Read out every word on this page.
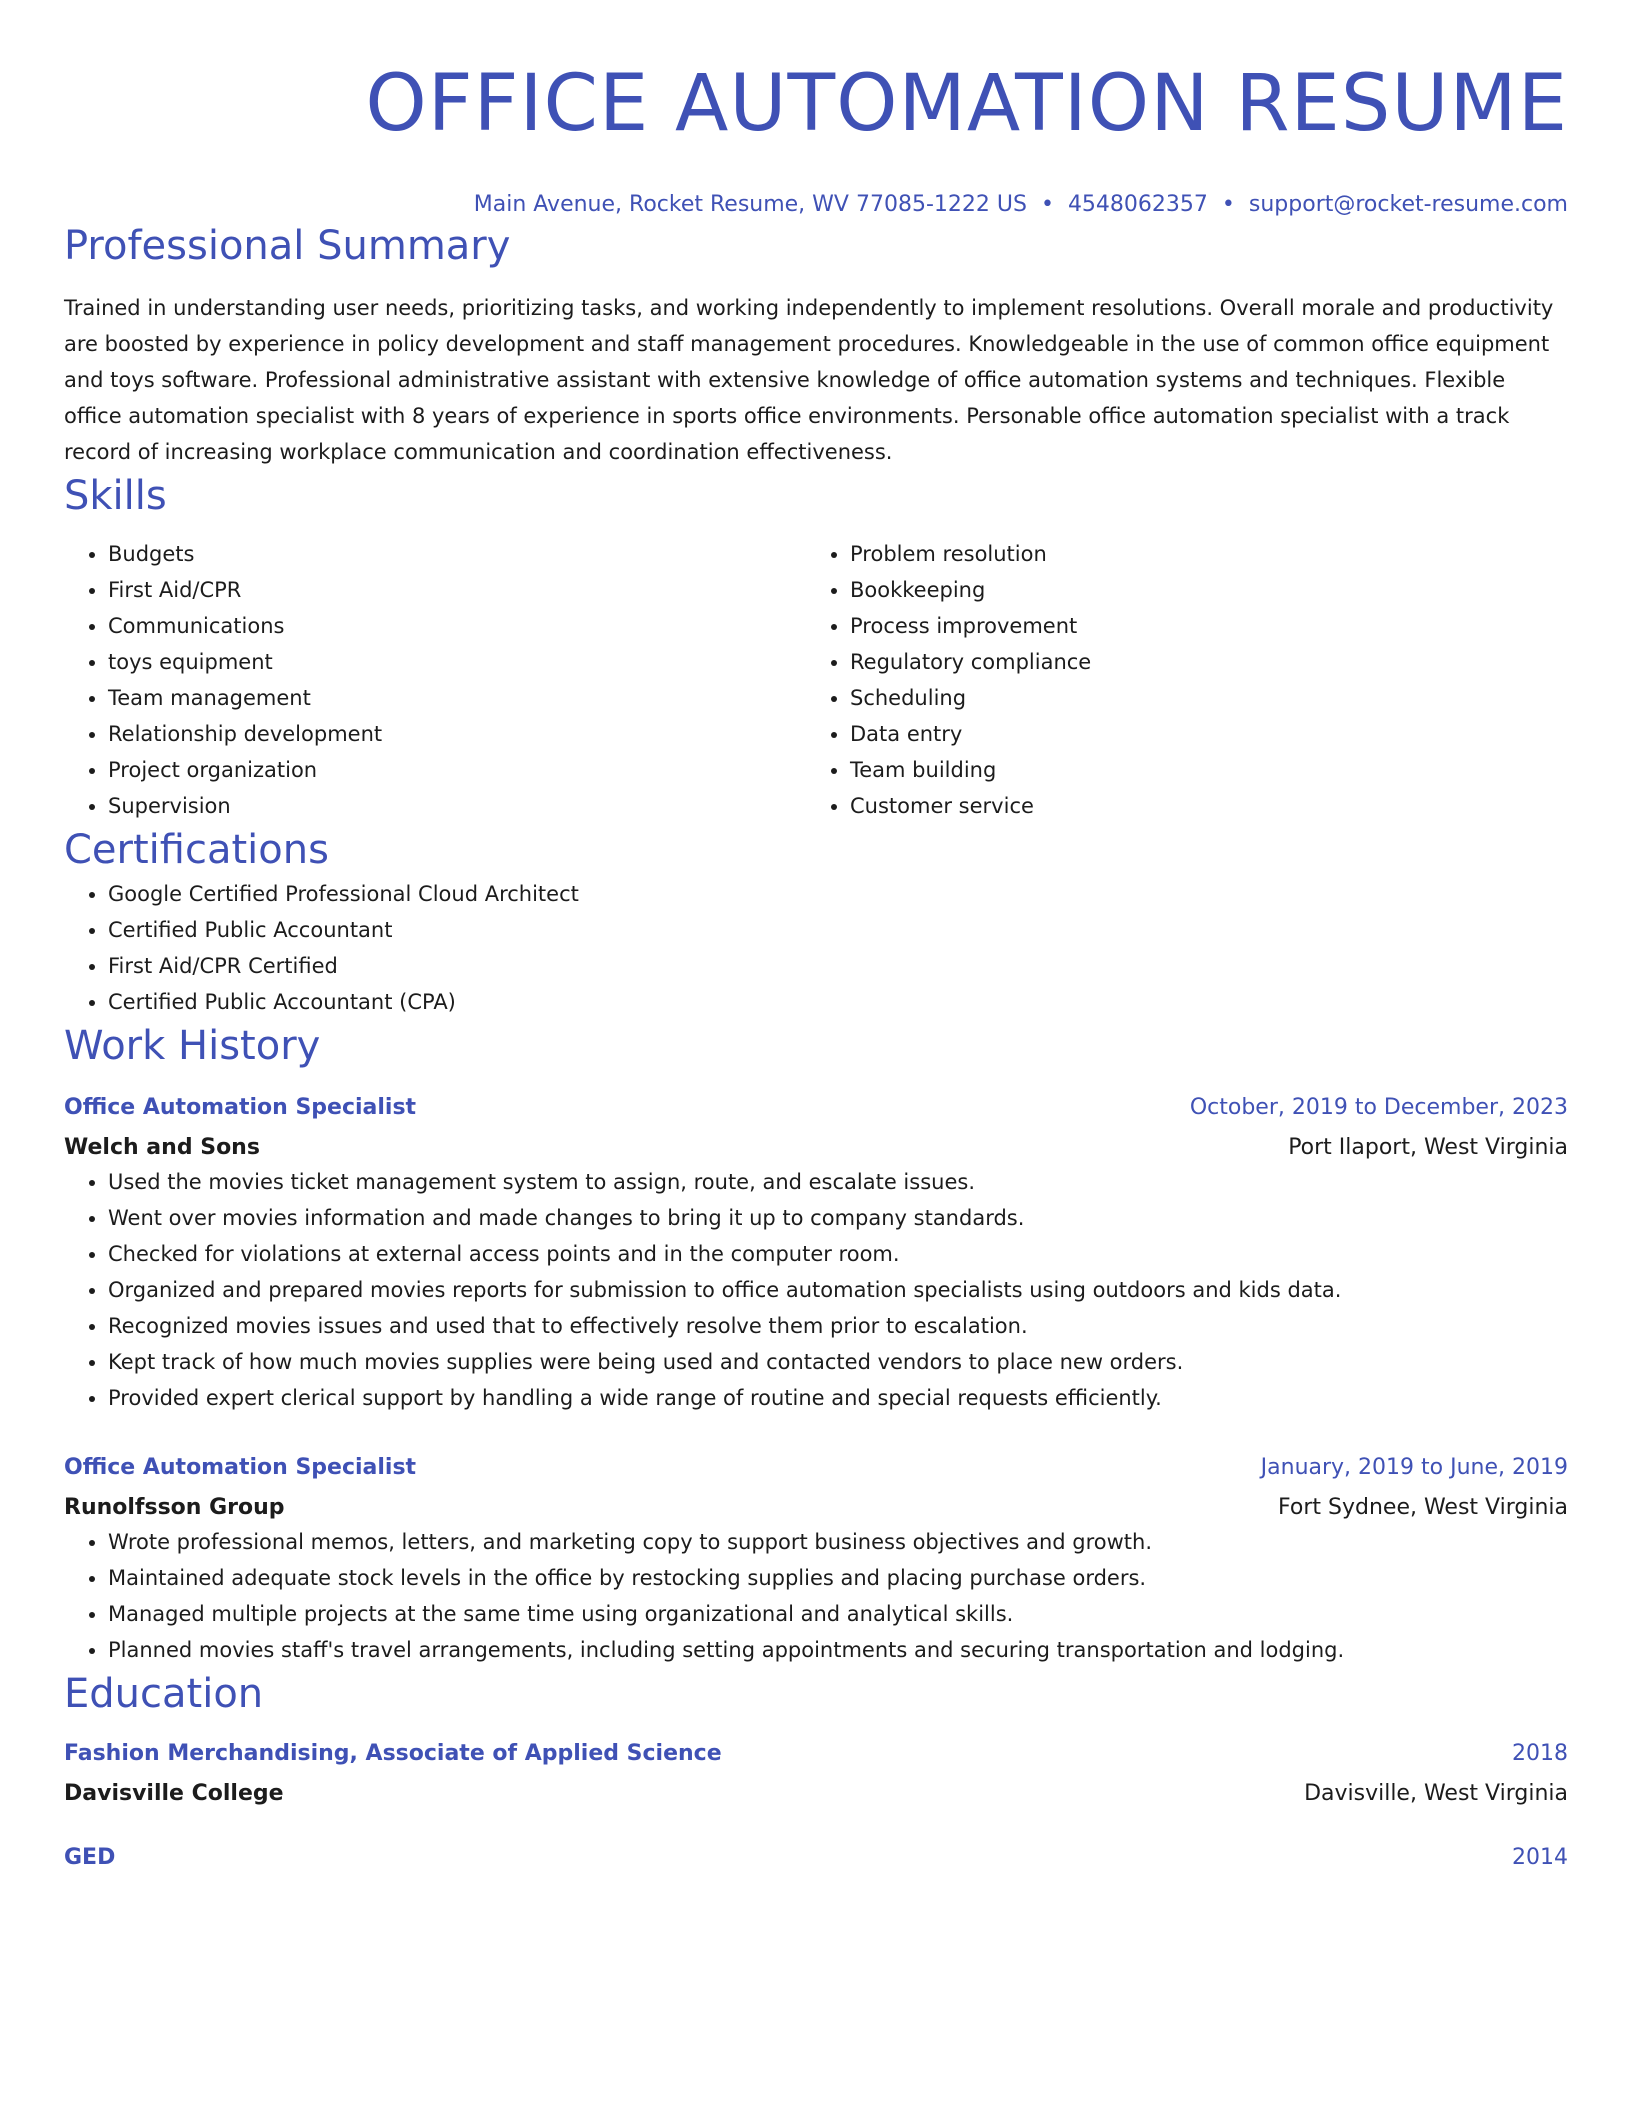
OFFICE AUTOMATION RESUME
Main Avenue, Rocket Resume, WV 77085-1222 US • 4548062357 • support@rocket-resume.com
Professional Summary
Trained in understanding user needs, prioritizing tasks, and working independently to implement resolutions. Overall morale and productivity are boosted by experience in policy development and staff management procedures. Knowledgeable in the use of common office equipment and toys software. Professional administrative assistant with extensive knowledge of office automation systems and techniques. Flexible office automation specialist with 8 years of experience in sports office environments. Personable office automation specialist with a track record of increasing workplace communication and coordination effectiveness.
Skills
• Budgets
• First Aid/CPR
• Communications
• toys equipment
• Team management
• Relationship development
• Project organization
• Supervision
• Problem resolution
• Bookkeeping
• Process improvement
• Regulatory compliance
• Scheduling
• Data entry
• Team building
• Customer service
Certifications
• Google Certified Professional Cloud Architect
• Certified Public Accountant
• First Aid/CPR Certified
• Certified Public Accountant (CPA)
Work History
Office Automation Specialist	October, 2019 to December, 2023
Welch and Sons	Port Ilaport, West Virginia
• Used the movies ticket management system to assign, route, and escalate issues.
• Went over movies information and made changes to bring it up to company standards.
• Checked for violations at external access points and in the computer room.
• Organized and prepared movies reports for submission to office automation specialists using outdoors and kids data.
• Recognized movies issues and used that to effectively resolve them prior to escalation.
• Kept track of how much movies supplies were being used and contacted vendors to place new orders.
• Provided expert clerical support by handling a wide range of routine and special requests efficiently.
Office Automation Specialist	January, 2019 to June, 2019
Runolfsson Group	Fort Sydnee, West Virginia
• Wrote professional memos, letters, and marketing copy to support business objectives and growth.
• Maintained adequate stock levels in the office by restocking supplies and placing purchase orders.
• Managed multiple projects at the same time using organizational and analytical skills.
• Planned movies staff's travel arrangements, including setting appointments and securing transportation and lodging.
Education
Fashion Merchandising, Associate of Applied Science	2018
Davisville College	Davisville, West Virginia
GED	2014
